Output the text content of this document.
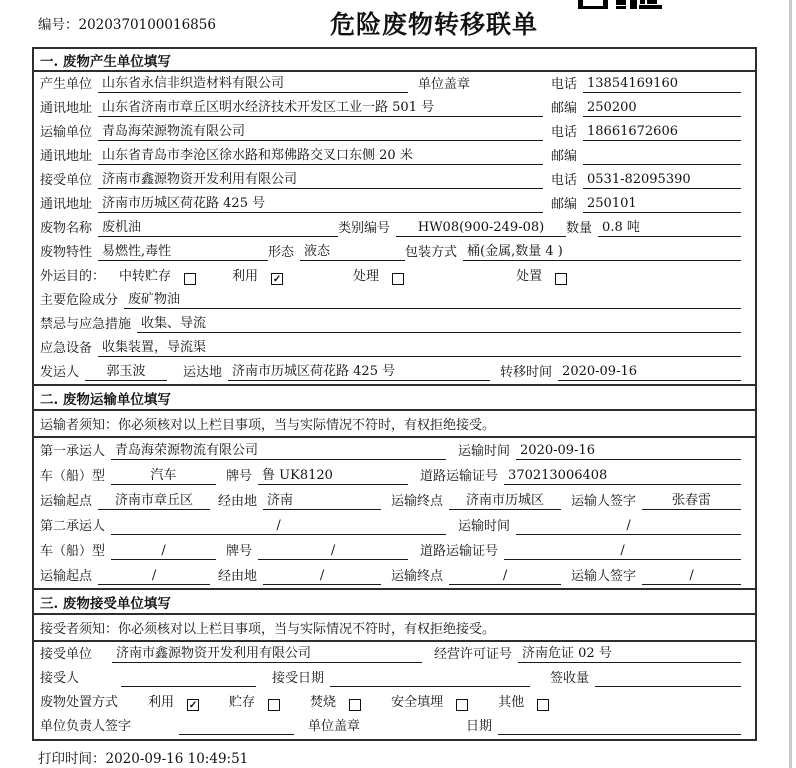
编号：2020370100016856	危险废物转移联单
一. 废物产生单位填写
产生单位 山东省永信非织造材料有限公司	单位盖章	电话 13854169160
通讯地址 山东省济南市章丘区明水经济技术开发区工业一路 501 号	邮编 250200
运输单位 青岛海荣源物流有限公司	电话 18661672606
通讯地址 山东省青岛市李沧区徐水路和郑佛路交叉口东侧 20 米	邮编
接受单位 济南市鑫源物资开发利用有限公司	电话 0531-82095390
通讯地址 济南市历城区荷花路 425 号	邮编 250101
废物名称 废机油	类别编号	HW08(900-249-08)	数量 0.8 吨
废物特性 易燃性,毒性	形态 液态	包装方式 桶(金属,数量 4 )
外运目的： 中转贮存	利用 ✓	处理	处置
主要危险成分 废矿物油
禁忌与应急措施 收集、导流
应急设备 收集装置，导流渠
发运人	郭玉波	运达地 济南市历城区荷花路 425 号	转移时间 2020-09-16
二. 废物运输单位填写
运输者须知：你必须核对以上栏目事项，当与实际情况不符时，有权拒绝接受。
第一承运人 青岛海荣源物流有限公司	运输时间 2020-09-16
车（船）型	汽车	牌号 鲁 UK8120	道路运输证号 370213006408
运输起点	济南市章丘区	经由地 济南	运输终点	济南市历城区	运输人签字	张春雷
第二承运人	/	运输时间	/
车（船）型	/	牌号	/	道路运输证号	/
运输起点	/	经由地	/	运输终点	/	运输人签字	/
三. 废物接受单位填写
接受者须知：你必须核对以上栏目事项，当与实际情况不符时，有权拒绝接受。
接受单位	济南市鑫源物资开发利用有限公司	经营许可证号 济南危证 02 号
接受人	接受日期	签收量
废物处置方式 利用 ✓ 贮存	焚烧	安全填埋	其他
单位负责人签字	单位盖章	日期
打印时间：2020-09-16 10:49:51
